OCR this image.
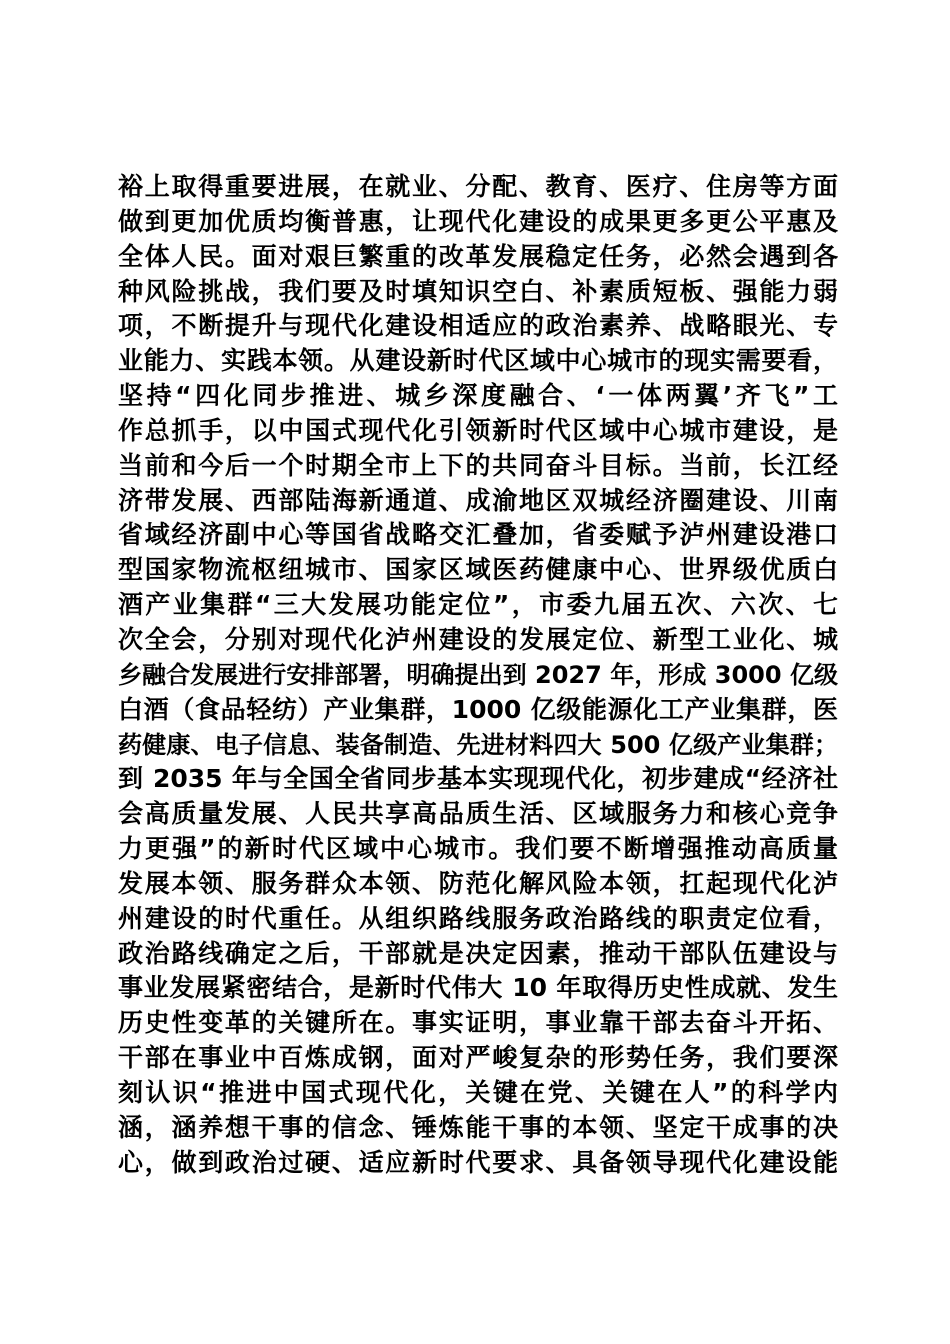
裕上取得重要进展，在就业、分配、教育、医疗、住房等方面
做到更加优质均衡普惠，让现代化建设的成果更多更公平惠及
全体人民。面对艰巨繁重的改革发展稳定任务，必然会遇到各
种风险挑战，我们要及时填知识空白、补素质短板、强能力弱
项，不断提升与现代化建设相适应的政治素养、战略眼光、专
业能力、实践本领。从建设新时代区域中心城市的现实需要看，
坚持“四化同步推进、城乡深度融合、‘一体两翼’齐飞”工
作总抓手，以中国式现代化引领新时代区域中心城市建设，是
当前和今后一个时期全市上下的共同奋斗目标。当前，长江经
济带发展、西部陆海新通道、成渝地区双城经济圈建设、川南
省域经济副中心等国省战略交汇叠加，省委赋予泸州建设港口
型国家物流枢纽城市、国家区域医药健康中心、世界级优质白
酒产业集群“三大发展功能定位”，市委九届五次、六次、七
次全会，分别对现代化泸州建设的发展定位、新型工业化、城
乡融合发展进行安排部署，明确提出到 2027 年，形成 3000 亿级
白酒（食品轻纺）产业集群，1000 亿级能源化工产业集群，医
药健康、电子信息、装备制造、先进材料四大 500 亿级产业集群；
到 2035 年与全国全省同步基本实现现代化，初步建成“经济社
会高质量发展、人民共享高品质生活、区域服务力和核心竞争
力更强”的新时代区域中心城市。我们要不断增强推动高质量
发展本领、服务群众本领、防范化解风险本领，扛起现代化泸
州建设的时代重任。从组织路线服务政治路线的职责定位看，
政治路线确定之后，干部就是决定因素，推动干部队伍建设与
事业发展紧密结合，是新时代伟大 10 年取得历史性成就、发生
历史性变革的关键所在。事实证明，事业靠干部去奋斗开拓、
干部在事业中百炼成钢，面对严峻复杂的形势任务，我们要深
刻认识“推进中国式现代化，关键在党、关键在人”的科学内
涵，涵养想干事的信念、锤炼能干事的本领、坚定干成事的决
心，做到政治过硬、适应新时代要求、具备领导现代化建设能
